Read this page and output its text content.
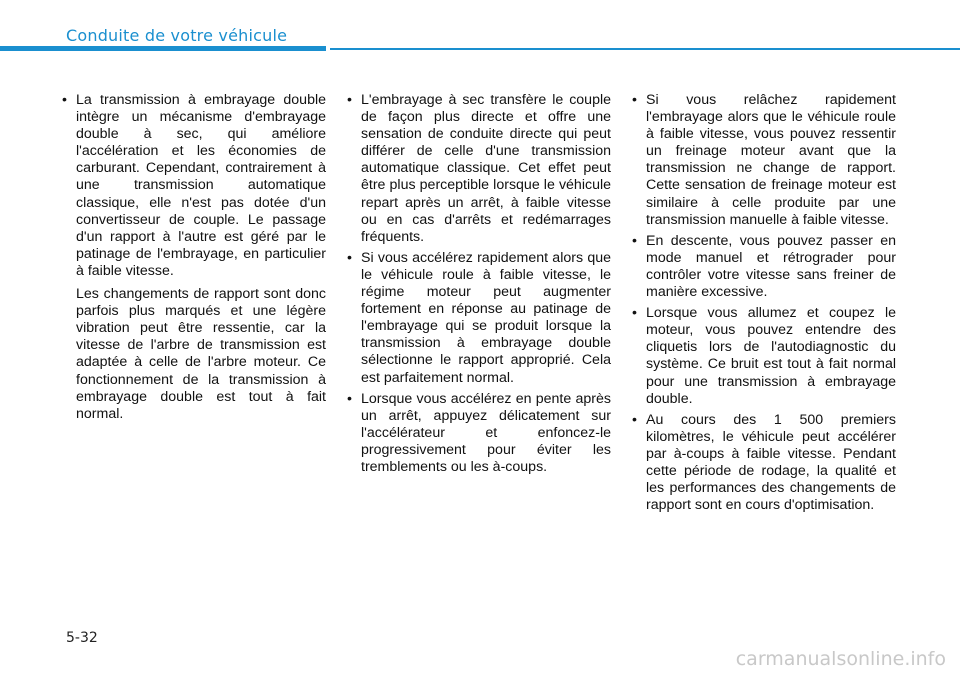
Conduite de votre véhicule
• La transmission à embrayage double intègre un mécanisme d'embrayage double à sec, qui améliore l'accélération et les économies de carburant. Cependant, contrairement à une transmission automatique classique, elle n'est pas dotée d'un convertisseur de couple. Le passage d'un rapport à l'autre est géré par le patinage de l'embrayage, en particulier à faible vitesse.
Les changements de rapport sont donc parfois plus marqués et une légère vibration peut être ressentie, car la vitesse de l'arbre de transmission est adaptée à celle de l'arbre moteur. Ce fonctionnement de la transmission à embrayage double est tout à fait normal.
• L'embrayage à sec transfère le couple de façon plus directe et offre une sensation de conduite directe qui peut différer de celle d'une transmission automatique classique. Cet effet peut être plus perceptible lorsque le véhicule repart après un arrêt, à faible vitesse ou en cas d'arrêts et redémarrages fréquents.
• Si vous accélérez rapidement alors que le véhicule roule à faible vitesse, le régime moteur peut augmenter fortement en réponse au patinage de l'embrayage qui se produit lorsque la transmission à embrayage double sélectionne le rapport approprié. Cela est parfaitement normal.
• Lorsque vous accélérez en pente après un arrêt, appuyez délicatement sur l'accélérateur et enfoncez-le progressivement pour éviter les tremblements ou les à-coups.
• Si vous relâchez rapidement l'embrayage alors que le véhicule roule à faible vitesse, vous pouvez ressentir un freinage moteur avant que la transmission ne change de rapport. Cette sensation de freinage moteur est similaire à celle produite par une transmission manuelle à faible vitesse.
• En descente, vous pouvez passer en mode manuel et rétrograder pour contrôler votre vitesse sans freiner de manière excessive.
• Lorsque vous allumez et coupez le moteur, vous pouvez entendre des cliquetis lors de l'autodiagnostic du système. Ce bruit est tout à fait normal pour une transmission à embrayage double.
• Au cours des 1 500 premiers kilomètres, le véhicule peut accélérer par à-coups à faible vitesse. Pendant cette période de rodage, la qualité et les performances des changements de rapport sont en cours d'optimisation.
5-32
carmanualsonline.info
